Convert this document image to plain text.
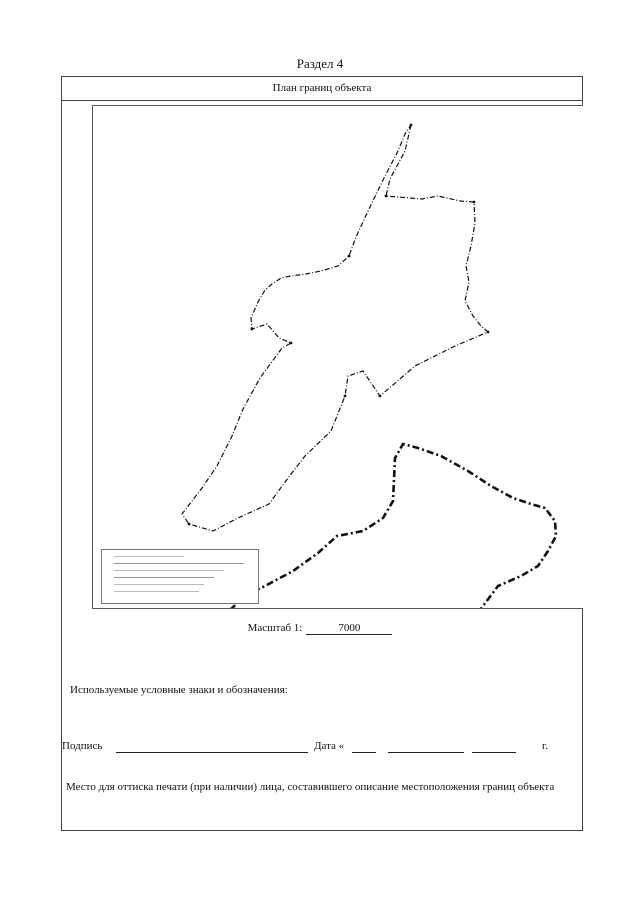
Раздел 4
План границ объекта
Масштаб 1:	7000
Используемые условные знаки и обозначения:
Подпись	Дата «	г.
Место для оттиска печати (при наличии) лица, составившего описание местоположения границ объекта
